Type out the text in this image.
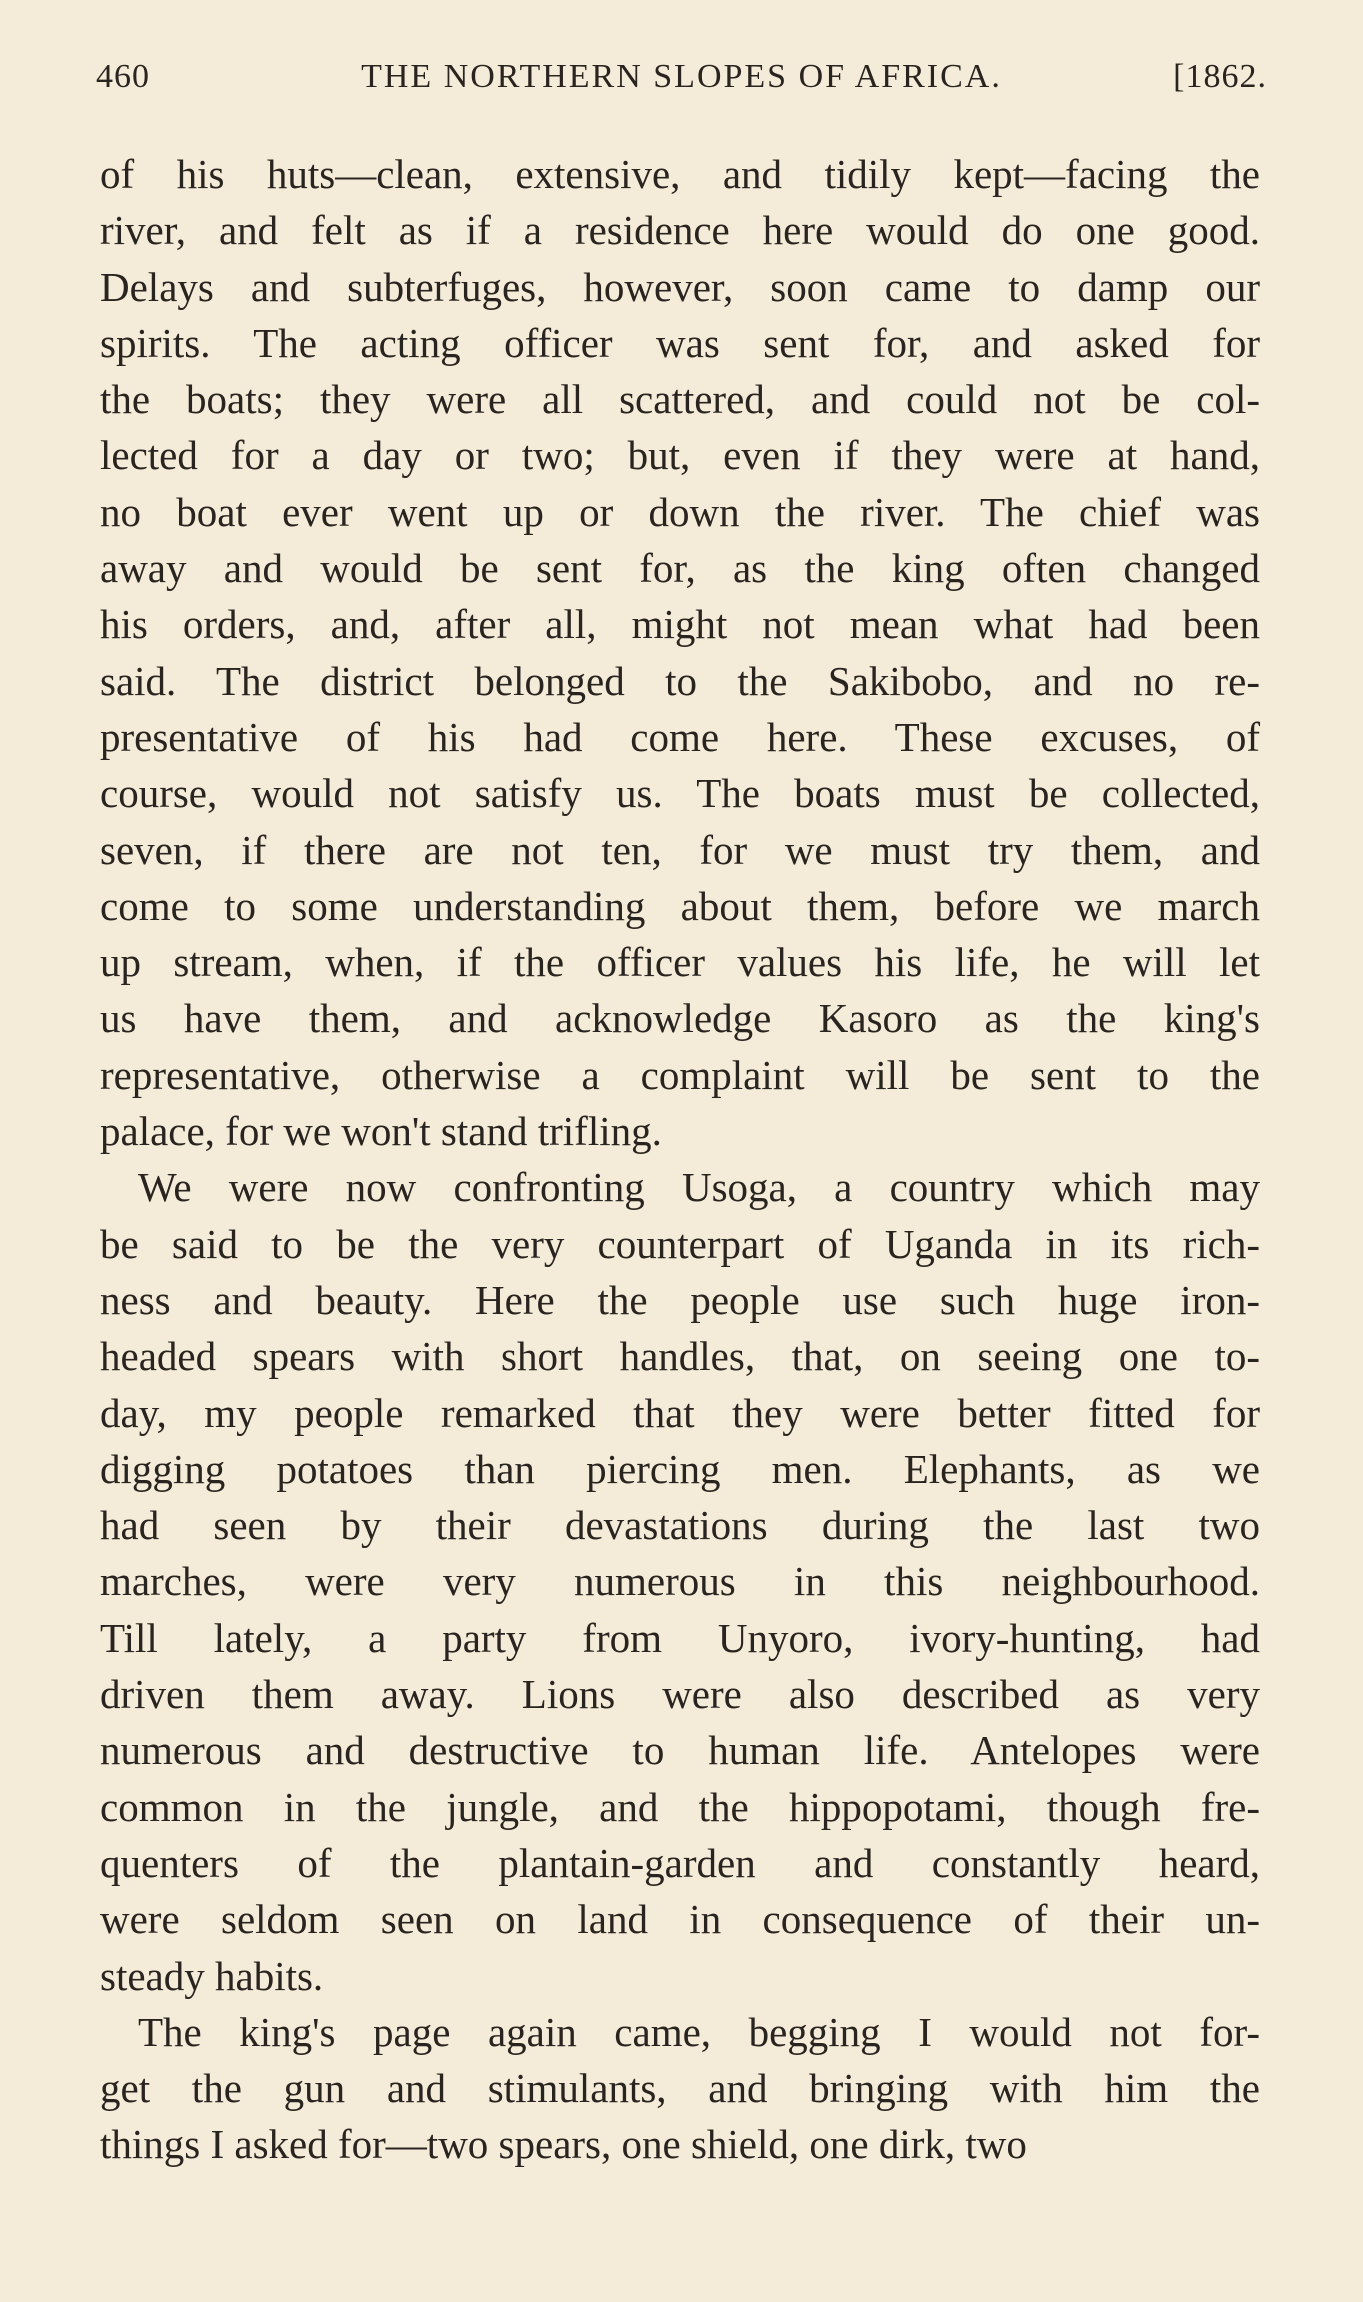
460	THE NORTHERN SLOPES OF AFRICA.	[1862.
of his huts—clean, extensive, and tidily kept—facing the
river, and felt as if a residence here would do one good.
Delays and subterfuges, however, soon came to damp our
spirits. The acting officer was sent for, and asked for
the boats; they were all scattered, and could not be col-
lected for a day or two; but, even if they were at hand,
no boat ever went up or down the river. The chief was
away and would be sent for, as the king often changed
his orders, and, after all, might not mean what had been
said. The district belonged to the Sakibobo, and no re-
presentative of his had come here. These excuses, of
course, would not satisfy us. The boats must be collected,
seven, if there are not ten, for we must try them, and
come to some understanding about them, before we march
up stream, when, if the officer values his life, he will let
us have them, and acknowledge Kasoro as the king's
representative, otherwise a complaint will be sent to the
palace, for we won't stand trifling.
We were now confronting Usoga, a country which may
be said to be the very counterpart of Uganda in its rich-
ness and beauty. Here the people use such huge iron-
headed spears with short handles, that, on seeing one to-
day, my people remarked that they were better fitted for
digging potatoes than piercing men. Elephants, as we
had seen by their devastations during the last two
marches, were very numerous in this neighbourhood.
Till lately, a party from Unyoro, ivory-hunting, had
driven them away. Lions were also described as very
numerous and destructive to human life. Antelopes were
common in the jungle, and the hippopotami, though fre-
quenters of the plantain-garden and constantly heard,
were seldom seen on land in consequence of their un-
steady habits.
The king's page again came, begging I would not for-
get the gun and stimulants, and bringing with him the
things I asked for—two spears, one shield, one dirk, two
